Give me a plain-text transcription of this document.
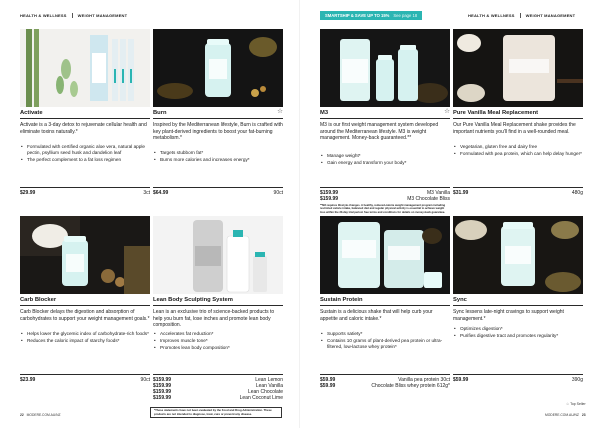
HEALTH & WELLNESS	WEIGHT MANAGEMENT
Activate
Activate is a 3-day detox to rejuvenate cellular health and eliminate toxins naturally.*
• Formulated with certified organic aloe vera, natural apple pectin, psyllium seed husk and dandelion leaf
• The perfect complement to a fat loss regimen
$29.99	3ct
Burn	☆
Inspired by the Mediterranean lifestyle, Burn is crafted with key plant-derived ingredients to boost your fat-burning metabolism.*
• Targets stubborn fat*
• Burns more calories and increases energy*
$64.99	90ct
Carb Blocker
Carb Blocker delays the digestion and absorption of carbohydrates to support your weight management goals.*
• Helps lower the glycemic index of carbohydrate-rich foods*
• Reduces the caloric impact of starchy foods*
$23.99	90ct
Lean Body Sculpting System
Lean is an exclusive trio of science-backed products to help you burn fat, lose inches and promote lean body composition.
• Accelerates fat reduction*
• Improves muscle tone*
• Promotes lean body composition*
$159.99	Lean Lemon
$159.99	Lean Vanilla
$159.99	Lean Chocolate
$159.99	Lean Coconut Lime
*These statements have not been evaluated by the Food and Drug Administration. These products are not intended to diagnose, treat, cure or prevent any disease.
22 MODERE.COM.AU/NZ
SMARTSHIP & SAVE UP TO 15% See page 18	HEALTH & WELLNESS	WEIGHT MANAGEMENT
M3	☆
M3 is our first weight management system developed around the Mediterranean lifestyle. M3 is weight management. Money-back guaranteed.**
• Manage weight*
• Gain energy and transform your body*
$159.99	M3 Vanilla
$159.99	M3 Chocolate Bliss
**M3 requires lifestyle changes. A healthy, reduced-calorie weight management program including restricted calorie intake, balanced diet and regular physical activity is essential to achieve weight loss within the 30-day trial period. See terms and conditions for details on money-back guarantee.
Pure Vanilla Meal Replacement
Our Pure Vanilla Meal Replacement shake provides the important nutrients you'll find in a well-rounded meal.
• Vegetarian, gluten free and dairy free
• Formulated with pea protein, which can help delay hunger*
$31.99	480g
Sustain Protein
Sustain is a delicious shake that will help curb your appetite and caloric intake.*
• Supports satiety*
• Contains 10 grams of plant-derived pea protein or ultra-filtered, low-lactose whey protein*
$59.99	Vanilla pea protein 30ct
$59.99	Chocolate Bliss whey protein 612g*
Sync
Sync lessens late-night cravings to support weight management.*
• Optimizes digestion*
• Purifies digestive tract and promotes regularity*
$59.99	390g
MODERE.COM.AU/NZ 23
☆ Top Seller
